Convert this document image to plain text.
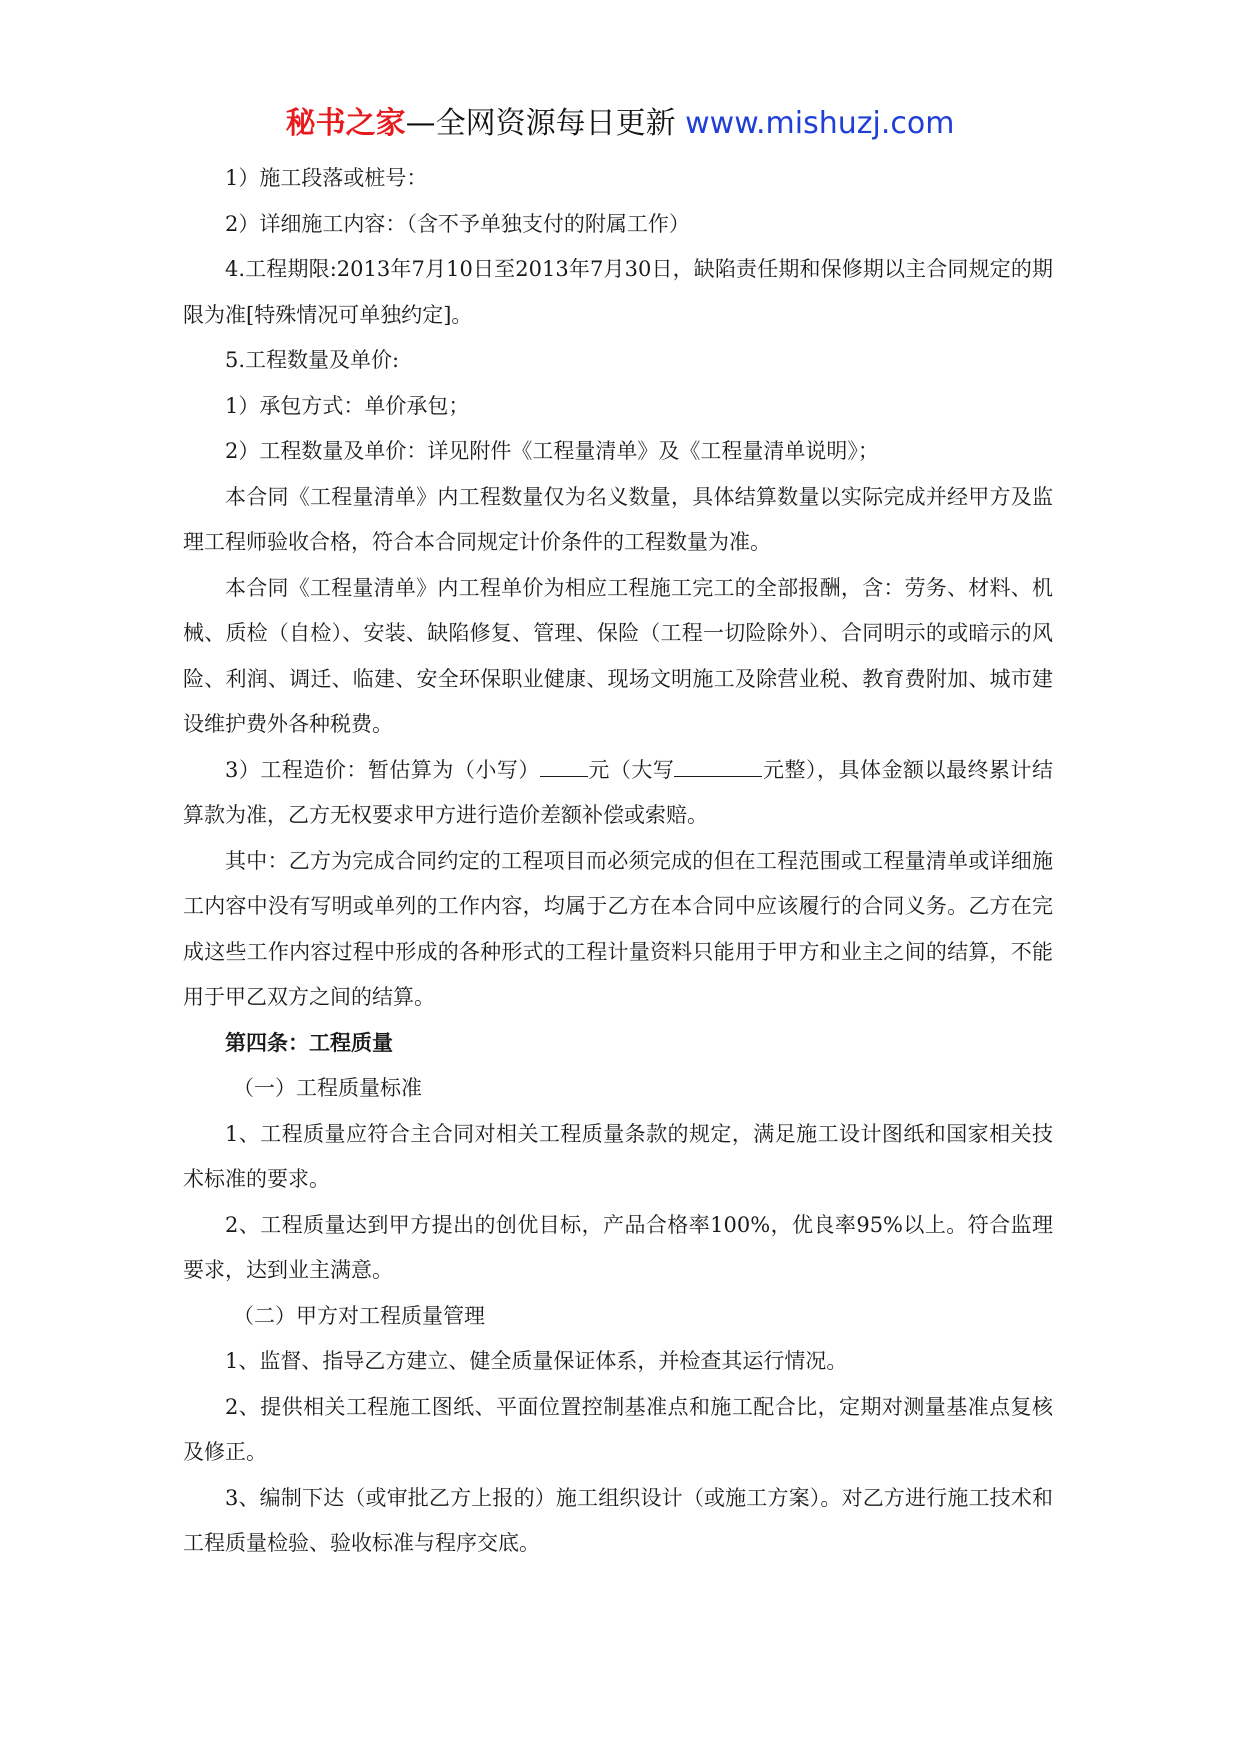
秘书之家—全网资源每日更新 www.mishuzj.com

1）施工段落或桩号：

2）详细施工内容：（含不予单独支付的附属工作）

4.工程期限:2013年7月10日至2013年7月30日，缺陷责任期和保修期以主合同规定的期限为准[特殊情况可单独约定]。

5.工程数量及单价:

1）承包方式：单价承包；

2）工程数量及单价：详见附件《工程量清单》及《工程量清单说明》；

本合同《工程量清单》内工程数量仅为名义数量，具体结算数量以实际完成并经甲方及监理工程师验收合格，符合本合同规定计价条件的工程数量为准。

本合同《工程量清单》内工程单价为相应工程施工完工的全部报酬，含：劳务、材料、机械、质检（自检）、安装、缺陷修复、管理、保险（工程一切险除外）、合同明示的或暗示的风险、利润、调迁、临建、安全环保职业健康、现场文明施工及除营业税、教育费附加、城市建设维护费外各种税费。

3）工程造价：暂估算为（小写） 元（大写	元整），具体金额以最终累计结算款为准，乙方无权要求甲方进行造价差额补偿或索赔。

其中：乙方为完成合同约定的工程项目而必须完成的但在工程范围或工程量清单或详细施工内容中没有写明或单列的工作内容，均属于乙方在本合同中应该履行的合同义务。乙方在完成这些工作内容过程中形成的各种形式的工程计量资料只能用于甲方和业主之间的结算，不能用于甲乙双方之间的结算。

第四条：工程质量

（一）工程质量标准

1、工程质量应符合主合同对相关工程质量条款的规定，满足施工设计图纸和国家相关技术标准的要求。

2、工程质量达到甲方提出的创优目标，产品合格率100%，优良率95%以上。符合监理要求，达到业主满意。

（二）甲方对工程质量管理

1、监督、指导乙方建立、健全质量保证体系，并检查其运行情况。

2、提供相关工程施工图纸、平面位置控制基准点和施工配合比，定期对测量基准点复核及修正。

3、编制下达（或审批乙方上报的）施工组织设计（或施工方案）。对乙方进行施工技术和工程质量检验、验收标准与程序交底。
